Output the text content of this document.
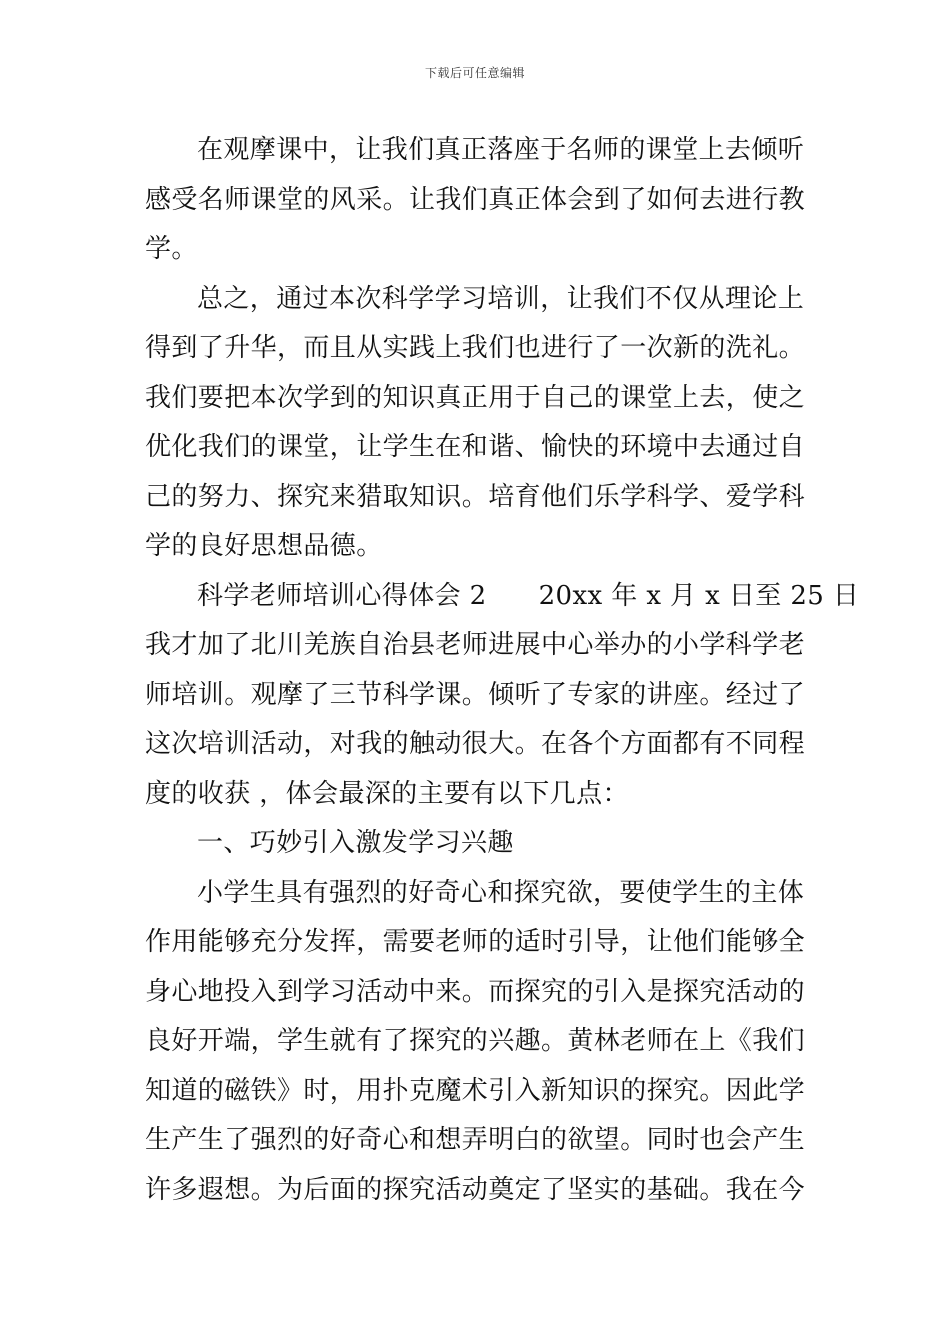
下载后可任意编辑
在观摩课中，让我们真正落座于名师的课堂上去倾听
感受名师课堂的风采。让我们真正体会到了如何去进行教
学。
总之，通过本次科学学习培训，让我们不仅从理论上
得到了升华，而且从实践上我们也进行了一次新的洗礼。
我们要把本次学到的知识真正用于自己的课堂上去，使之
优化我们的课堂，让学生在和谐、愉快的环境中去通过自
己的努力、探究来猎取知识。培育他们乐学科学、爱学科
学的良好思想品德。
科学老师培训心得体会 2      20xx 年 x 月 x 日至 25 日
我才加了北川羌族自治县老师进展中心举办的小学科学老
师培训。观摩了三节科学课。倾听了专家的讲座。经过了
这次培训活动，对我的触动很大。在各个方面都有不同程
度的收获 ，体会最深的主要有以下几点：
一、巧妙引入激发学习兴趣
小学生具有强烈的好奇心和探究欲，要使学生的主体
作用能够充分发挥，需要老师的适时引导，让他们能够全
身心地投入到学习活动中来。而探究的引入是探究活动的
良好开端，学生就有了探究的兴趣。黄林老师在上《我们
知道的磁铁》时，用扑克魔术引入新知识的探究。因此学
生产生了强烈的好奇心和想弄明白的欲望。同时也会产生
许多遐想。为后面的探究活动奠定了坚实的基础。我在今
